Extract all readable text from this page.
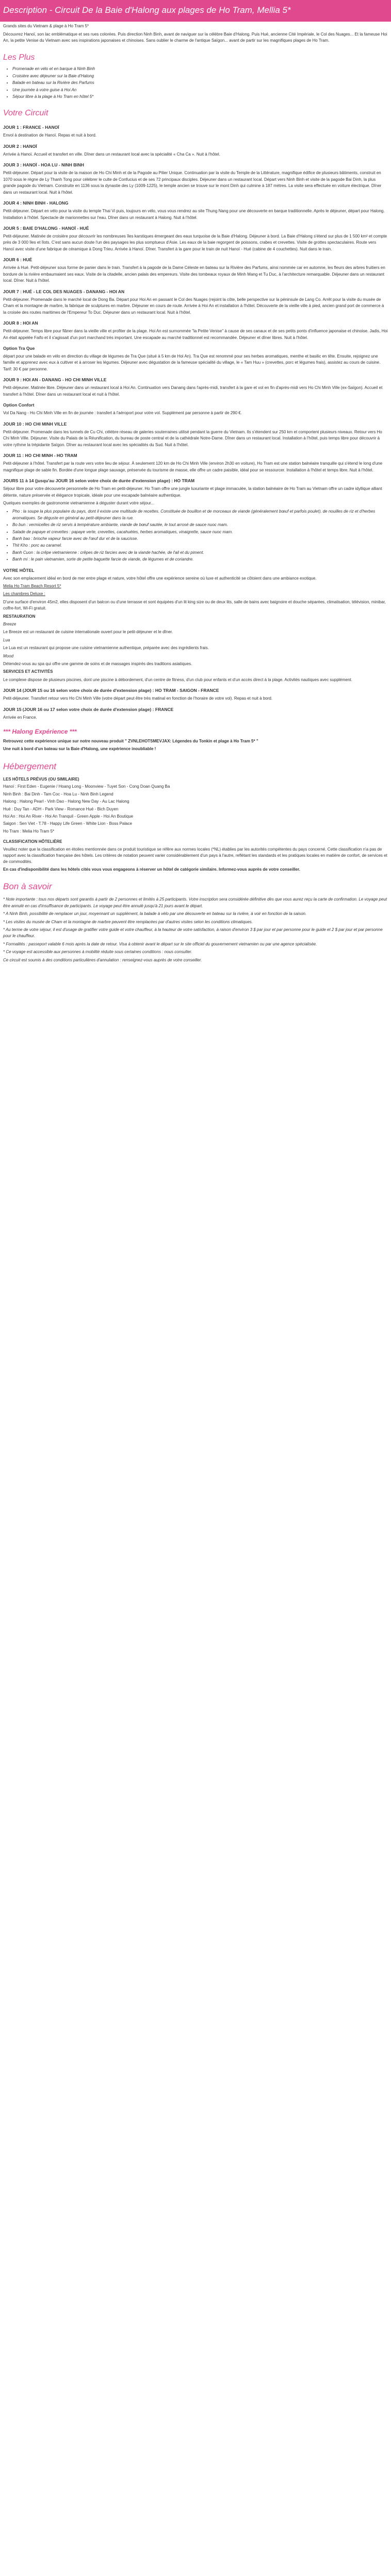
Description - Circuit De la Baie d'Halong aux plages de Ho Tram, Mellia 5*

Grands sites du Vietnam & plage à Ho Tram 5*

Découvrez Hanoï, son lac emblématique et ses rues colorées. Puis direction Ninh Binh, avant de naviguer sur la célèbre Baie d'Halong. Puis Hué, ancienne Cité Impériale, le Col des Nuages... Et la fameuse Hoi An, la petite Venise du Vietnam avec ses inspirations japonaises et chinoises. Sans oublier le charme de l'antique Saïgon... avant de partir sur les magnifiques plages de Ho Tram.

Les Plus
• Promenade en vélo et en barque à Ninh Binh
• Croisière avec déjeuner sur la Baie d'Halong
• Balade en bateau sur la Rivière des Parfums
• Une journée à votre guise à Hoi An
• Séjour libre à la plage à Ho Tram en hôtel 5*
Votre Circuit
JOUR 1 : FRANCE - HANOÏ

Envol à destination de Hanoï. Repas et nuit à bord.

JOUR 2 : HANOÏ

Arrivée à Hanoï. Accueil et transfert en ville. Dîner dans un restaurant local avec la spécialité « Cha Ca ». Nuit à l'hôtel.

JOUR 3 : HANOÏ - HOA LU - NINH BINH

Petit-déjeuner. Départ pour la visite de la maison de Ho Chi Minh et de la Pagode au Pilier Unique. Continuation par la visite du Temple de la Littérature, magnifique édifice de plusieurs bâtiments, construit en 1070 sous le règne de Ly Thanh Tong pour célébrer le culte de Confucius et de ses 72 principaux disciples. Déjeuner dans un restaurant local. Départ vers Ninh Binh et visite de la pagode Bai Dinh, la plus grande pagode du Vietnam. Construite en 1136 sous la dynastie des Ly (1009-1225), le temple ancien se trouve sur le mont Dinh qui culmine à 187 mètres. La visite sera effectuée en voiture électrique. Dîner dans un restaurant local. Nuit à l'hôtel.

JOUR 4 : NINH BINH - HALONG

Petit-déjeuner. Départ en vélo pour la visite du temple Thai Vi puis, toujours en vélo, vous vous rendrez au site Thung Nang pour une découverte en barque traditionnelle. Après le déjeuner, départ pour Halong. Installation à l'hôtel. Spectacle de marionnettes sur l'eau. Dîner dans un restaurant à Halong. Nuit à l'hôtel.

JOUR 5 : BAIE D'HALONG - HANOÏ - HUÉ

Petit-déjeuner. Matinée de croisière pour découvrir les nombreuses îles karstiques émergeant des eaux turquoise de la Baie d'Halong. Déjeuner à bord. La Baie d'Halong s'étend sur plus de 1 500 km² et compte près de 3 000 îles et îlots. C'est sans aucun doute l'un des paysages les plus somptueux d'Asie. Les eaux de la baie regorgent de poissons, crabes et crevettes. Visite de grottes spectaculaires. Route vers Hanoï avec visite d'une fabrique de céramique à Dong Trieu. Arrivée à Hanoï. Dîner. Transfert à la gare pour le train de nuit Hanoï - Hué (cabine de 4 couchettes). Nuit dans le train.

JOUR 6 : HUÉ

Arrivée à Hué. Petit-déjeuner sous forme de panier dans le train. Transfert à la pagode de la Dame Céleste en bateau sur la Rivière des Parfums, ainsi nommée car en automne, les fleurs des arbres fruitiers en bordure de la rivière embaumaient ses eaux. Visite de la citadelle, ancien palais des empereurs. Visite des tombeaux royaux de Minh Mang et Tu Duc, à l'architecture remarquable. Déjeuner dans un restaurant local. Dîner. Nuit à l'hôtel.

JOUR 7 : HUÉ - LE COL DES NUAGES - DANANG - HOI AN

Petit-déjeuner. Promenade dans le marché local de Dong Ba. Départ pour Hoi An en passant le Col des Nuages (rejoint la côte, belle perspective sur la péninsule de Lang Co. Arrêt pour la visite du musée de Cham et la montagne de marbre, la fabrique de sculptures en marbre. Déjeuner en cours de route. Arrivée à Hoi An et installation à l'hôtel. Découverte de la vieille ville à pied, ancien grand port de commerce à la croisée des routes maritimes de l'Empereur To Duc. Déjeuner dans un restaurant local. Nuit à l'hôtel.

JOUR 8 : HOI AN

Petit-déjeuner. Temps libre pour flâner dans la vieille ville et profiter de la plage. Hoi An est surnommée "la Petite Venise" à cause de ses canaux et de ses petits ponts d'influence japonaise et chinoise. Jadis, Hoi An était appelée Faifo et il s'agissait d'un port marchand très important. Une escapade au marché traditionnel est recommandée. Déjeuner et dîner libres. Nuit à l'hôtel.

Option Tra Que

départ pour une balade en vélo en direction du village de légumes de Tra Que (situé à 5 km de Hoi An). Tra Que est renommé pour ses herbes aromatiques, menthe et basilic en tête. Ensuite, rejoignez une famille et apprenez avec eux à cultiver et à arroser les légumes. Déjeuner avec dégustation de la fameuse spécialité du village, le « Tam Huu » (crevettes, porc et légumes frais), assistez au cours de cuisine. Tarif: 30 € par personne.

JOUR 9 : HOI AN - DANANG - HO CHI MINH VILLE

Petit-déjeuner. Matinée libre. Déjeuner dans un restaurant local à Hoi An. Continuation vers Danang dans l'après-midi, transfert à la gare et vol en fin d'après-midi vers Ho Chi Minh Ville (ex-Saïgon). Accueil et transfert à l'hôtel. Dîner dans un restaurant local et nuit à l'hôtel.

Option Confort

Vol Da Nang - Ho Chi Minh Ville en fin de journée : transfert à l'aéroport pour votre vol. Supplément par personne à partir de 290 €.

JOUR 10 : HO CHI MINH VILLE

Petit-déjeuner. Promenade dans les tunnels de Cu Chi, célèbre réseau de galeries souterraines utilisé pendant la guerre du Vietnam. Ils s'étendent sur 250 km et comportent plusieurs niveaux. Retour vers Ho Chi Minh Ville. Déjeuner. Visite du Palais de la Réunification, du bureau de poste central et de la cathédrale Notre-Dame. Dîner dans un restaurant local. Installation à l'hôtel, puis temps libre pour découvrir à votre rythme la trépidante Saïgon. Dîner au restaurant local avec les spécialités du Sud. Nuit à l'hôtel.

JOUR 11 : HO CHI MINH - HO TRAM

Petit-déjeuner à l'hôtel. Transfert par la route vers votre lieu de séjour. À seulement 120 km de Ho Chi Minh Ville (environ 2h30 en voiture), Ho Tram est une station balnéaire tranquille qui s'étend le long d'une magnifique plage de sable fin. Bordée d'une longue plage sauvage, préservée du tourisme de masse, elle offre un cadre paisible, idéal pour se ressourcer. Installation à l'hôtel et temps libre. Nuit à l'hôtel.

JOURS 11 à 14 (jusqu'au JOUR 16 selon votre choix de durée d'extension plage) : HO TRAM

Séjour libre pour votre découverte personnelle de Ho Tram en petit-déjeuner. Ho Tram offre une jungle luxuriante et plage immaculée, la station balnéaire de Ho Tram au Vietnam offre un cadre idyllique alliant détente, nature préservée et élégance tropicale, idéale pour une escapade balnéaire authentique.

Quelques exemples de gastronomie vietnamienne à déguster durant votre séjour...

• Pho : la soupe la plus populaire du pays, dont il existe une multitude de recettes. Constituée de bouillon et de morceaux de viande (généralement bœuf et parfois poulet), de nouilles de riz et d'herbes aromatiques. Se déguste en général au petit-déjeuner dans la rue.
• Bo bun : vermicelles de riz servis à température ambiante, viande de bœuf sautée, le tout arrosé de sauce nuoc mam.
• Salade de papaye et crevettes : papaye verte, crevettes, cacahuètes, herbes aromatiques, vinaigrette, sauce nuoc mam.
• Banh bao : brioche vapeur farcie avec de l'œuf dur et de la saucisse.
• Thit Kho : porc au caramel.
• Banh Cuon : la crêpe vietnamienne : crêpes de riz farcies avec de la viande hachée, de l'ail et du piment.
• Banh mi : le pain vietnamien, sorte de petite baguette farcie de viande, de légumes et de coriandre.
VOTRE HÔTEL

Avec son emplacement idéal en bord de mer entre plage et nature, votre hôtel offre une expérience sereine où luxe et authenticité se côtoient dans une ambiance exotique.

Melia Ho Tram Beach Resort 5*

Les chambres Deluxe :

D'une surface d'environ 45m2, elles disposent d'un balcon ou d'une terrasse et sont équipées d'un lit king size ou de deux lits, salle de bains avec baignoire et douche séparées, climatisation, télévision, minibar, coffre-fort, Wi-Fi gratuit.

RESTAURATION

Breeze

Le Breeze est un restaurant de cuisine internationale ouvert pour le petit-déjeuner et le dîner.

Lua

Le Lua est un restaurant qui propose une cuisine vietnamienne authentique, préparée avec des ingrédients frais.

Mood

Détendez-vous au spa qui offre une gamme de soins et de massages inspirés des traditions asiatiques.

SERVICES ET ACTIVITÉS

Le complexe dispose de plusieurs piscines, dont une piscine à débordement, d'un centre de fitness, d'un club pour enfants et d'un accès direct à la plage. Activités nautiques avec supplément.

JOUR 14 (JOUR 15 ou 16 selon votre choix de durée d'extension plage) : HO TRAM - SAIGON - FRANCE

Petit-déjeuner. Transfert retour vers Ho Chi Minh Ville (votre départ peut être très matinal en fonction de l'horaire de votre vol). Repas et nuit à bord.

JOUR 15 (JOUR 16 ou 17 selon votre choix de durée d'extension plage) : FRANCE

Arrivée en France.

*** Halong Expérience ***

Retrouvez cette expérience unique sur notre nouveau produit " ZVNLEHOTSMEVJAX: Légendes du Tonkin et plage à Ho Tram 5* "

Une nuit à bord d'un bateau sur la Baie d'Halong, une expérience inoubliable !

Hébergement

LES HÔTELS PRÉVUS (OU SIMILAIRE)

Hanoï : First Eden - Eugenie / Hoang Long - Moonview - Tuyet Son - Cong Doan Quang Ba

Ninh Binh : Bai Dinh - Tam Coc - Hoa Lu - Ninh Binh Legend

Halong : Halong Pearl - Vinh Dao - Halong New Day - Au Lac Halong

Hué : Duy Tan - ADH - Park View - Romance Hué - Bich Duyen

Hoi An : Hoi An River - Hoi An Tranquil - Green Apple - Hoi An Boutique

Saigon : Sen Viet - T.78 - Happy Life Green - White Lion - Boss Palace

Ho Tram : Melia Ho Tram 5*

CLASSIFICATION HÔTELIÈRE

Veuillez noter que la classification en étoiles mentionnée dans ce produit touristique se réfère aux normes locales (*NL) établies par les autorités compétentes du pays concerné. Cette classification n'a pas de rapport avec la classification française des hôtels. Les critères de notation peuvent varier considérablement d'un pays à l'autre, reflétant les standards et les pratiques locales en matière de confort, de services et de commodités.

En cas d'indisponibilité dans les hôtels cités vous vous engageons à réserver un hôtel de catégorie similaire. Informez-vous auprès de votre conseiller.

Bon à savoir

* Note importante : tous nos départs sont garantis à partir de 2 personnes et limités à 25 participants. Votre inscription sera considérée définitive dès que vous aurez reçu la carte de confirmation. Le voyage peut être annulé en cas d'insuffisance de participants. Le voyage peut être annulé jusqu'à 21 jours avant le départ.

* A Ninh Binh, possibilité de remplacer un jour, moyennant un supplément, la balade à vélo par une découverte en bateau sur la rivière, à voir en fonction de la saison.

* Les visites du musée de Cham et la montagne de marbre peuvent être remplacées par d'autres visites selon les conditions climatiques.

* Au terme de votre séjour, il est d'usage de gratifier votre guide et votre chauffeur, à la hauteur de votre satisfaction, à raison d'environ 3 $ par jour et par personne pour le guide et 2 $ par jour et par personne pour le chauffeur.

* Formalités : passeport valable 6 mois après la date de retour. Visa à obtenir avant le départ sur le site officiel du gouvernement vietnamien ou par une agence spécialisée.

* Ce voyage est accessible aux personnes à mobilité réduite sous certaines conditions : nous consulter.

Ce circuit est soumis à des conditions particulières d'annulation : renseignez-vous auprès de votre conseiller.
